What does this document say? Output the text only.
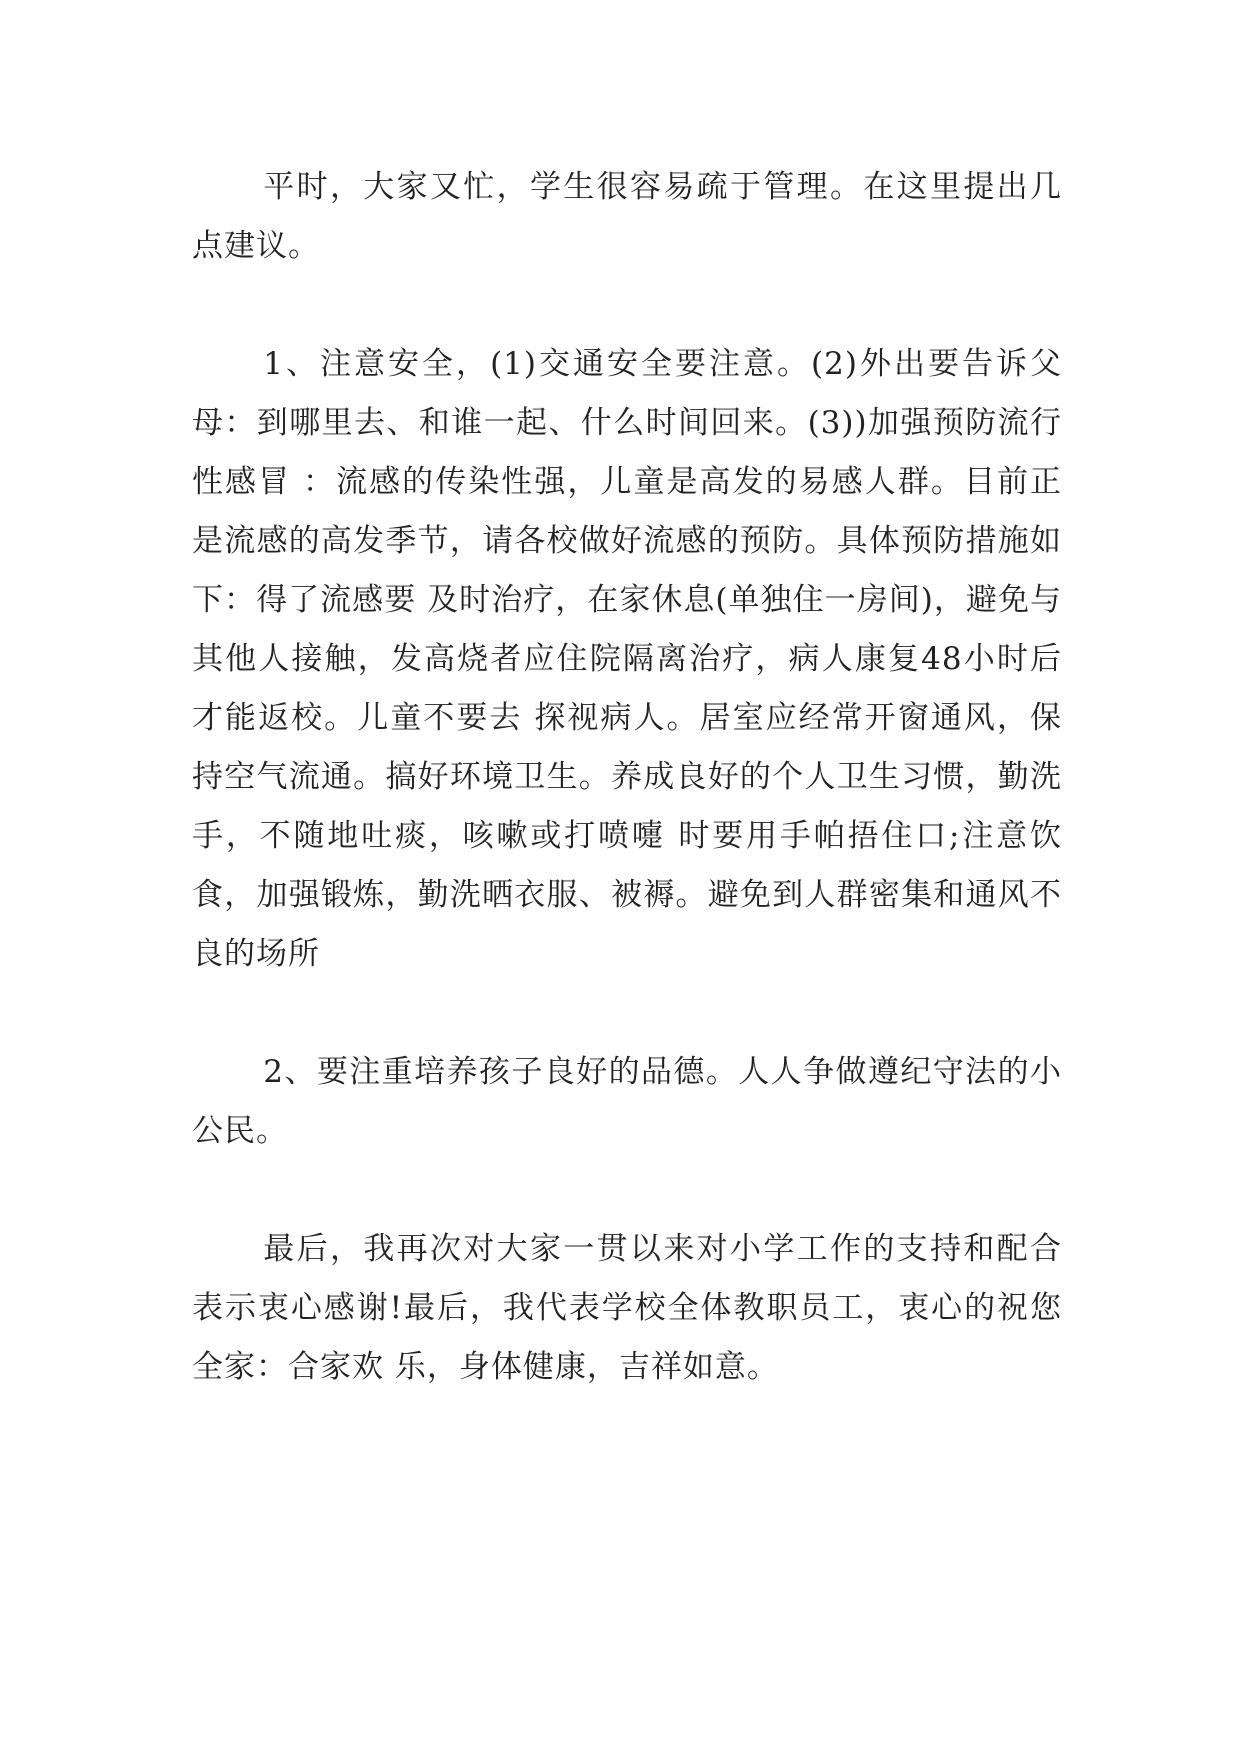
平时，大家又忙，学生很容易疏于管理。在这里提出几点建议。

1、注意安全，(1)交通安全要注意。(2)外出要告诉父母：到哪里去、和谁一起、什么时间回来。(3))加强预防流行性感冒 ：流感的传染性强，儿童是高发的易感人群。目前正是流感的高发季节，请各校做好流感的预防。具体预防措施如下：得了流感要 及时治疗，在家休息(单独住一房间)，避免与其他人接触，发高烧者应住院隔离治疗，病人康复48小时后才能返校。儿童不要去 探视病人。居室应经常开窗通风，保持空气流通。搞好环境卫生。养成良好的个人卫生习惯，勤洗手，不随地吐痰，咳嗽或打喷嚏 时要用手帕捂住口;注意饮食，加强锻炼，勤洗晒衣服、被褥。避免到人群密集和通风不良的场所

2、要注重培养孩子良好的品德。人人争做遵纪守法的小公民。

最后，我再次对大家一贯以来对小学工作的支持和配合表示衷心感谢!最后，我代表学校全体教职员工，衷心的祝您全家：合家欢 乐，身体健康，吉祥如意。
